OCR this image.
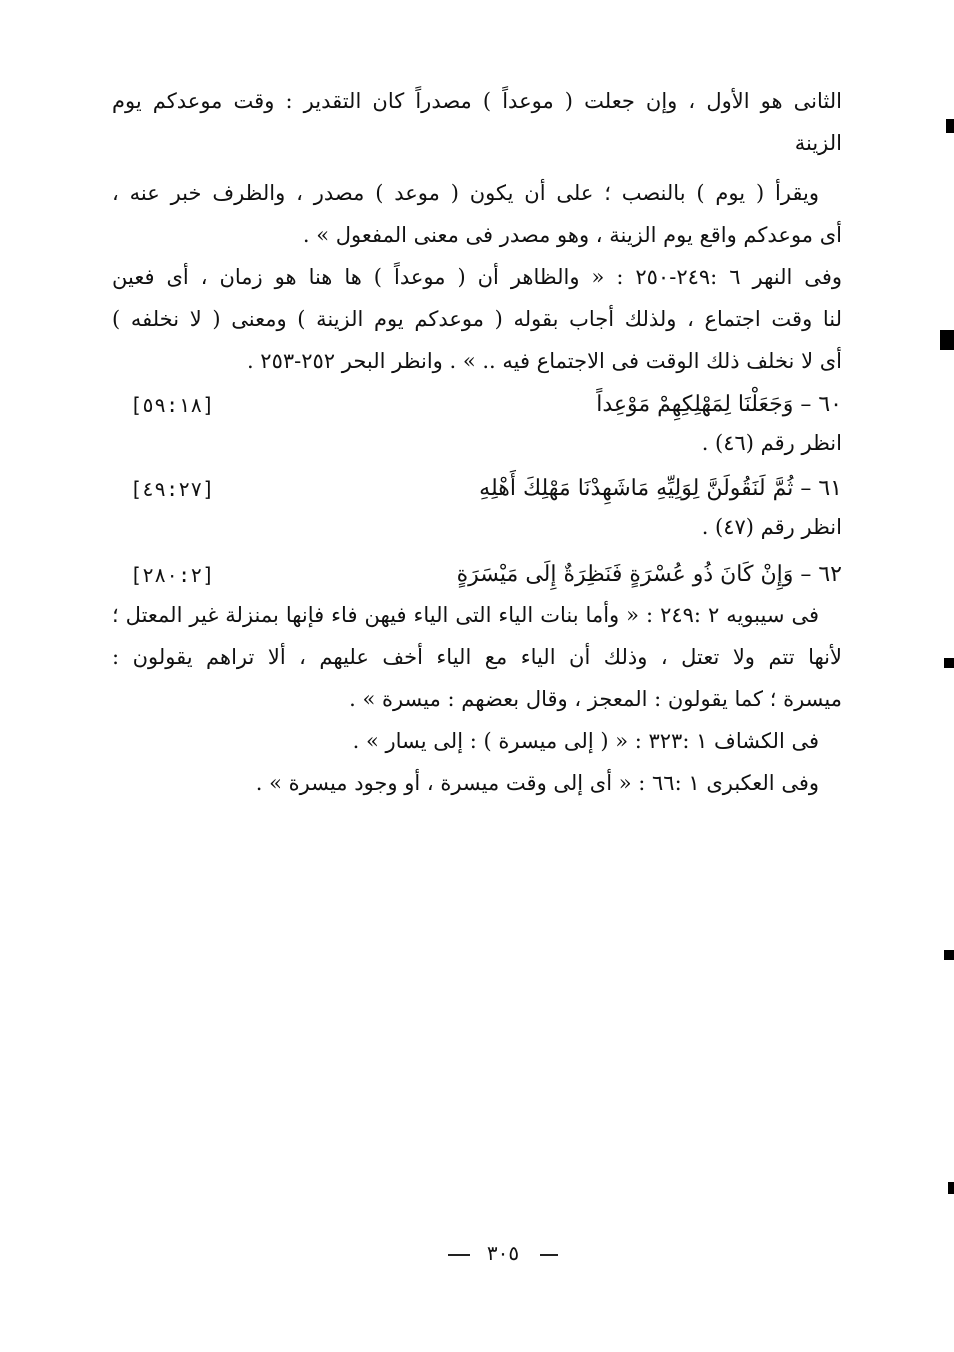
الثانى هو الأول ، وإن جعلت ( موعداً ) مصدراً كان التقدير : وقت موعدكم يوم
الزينة
ويقرأ ( يوم ) بالنصب ؛ على أن يكون ( موعد ) مصدر ، والظرف خبر عنه ،
أى موعدكم واقع يوم الزينة ، وهو مصدر فى معنى المفعول » .
وفى النهر ٦ :٢٤٩-٢٥٠ : « والظاهر أن ( موعداً ) ها هنا هو زمان ، أى فعين
لنا وقت اجتماع ، ولذلك أجاب بقوله ( موعدكم يوم الزينة ) ومعنى ( لا نخلفه )
أى لا نخلف ذلك الوقت فى الاجتماع فيه .. » . وانظر البحر ٢٥٢-٢٥٣ .
٦٠ – وَجَعَلْنَا لِمَهْلِكِهِمْ مَوْعِداً
[٥٩:١٨]
انظر رقم (٤٦) .
٦١ – ثُمَّ لَنَقُولَنَّ لِوَلِيِّهِ مَاشَهِدْنَا مَهْلِكَ أَهْلِهِ
[٤٩:٢٧]
انظر رقم (٤٧) .
٦٢ – وَإِنْ كَانَ ذُو عُسْرَةٍ فَنَظِرَةٌ إِلَى مَيْسَرَةٍ
[٢٨٠:٢]
فى سيبويه ٢ :٢٤٩ : « وأما بنات الياء التى الياء فيهن فاء فإنها بمنزلة غير المعتل ؛
لأنها تتم ولا تعتل ، وذلك أن الياء مع الياء أخف عليهم ، ألا تراهم يقولون :
ميسرة ؛ كما يقولون : المعجز ، وقال بعضهم : ميسرة » .
فى الكشاف ١ :٣٢٣ : « ( إلى ميسرة ) : إلى يسار » .
وفى العكبرى ١ :٦٦ : « أى إلى وقت ميسرة ، أو وجود ميسرة » .
٣٠٥
